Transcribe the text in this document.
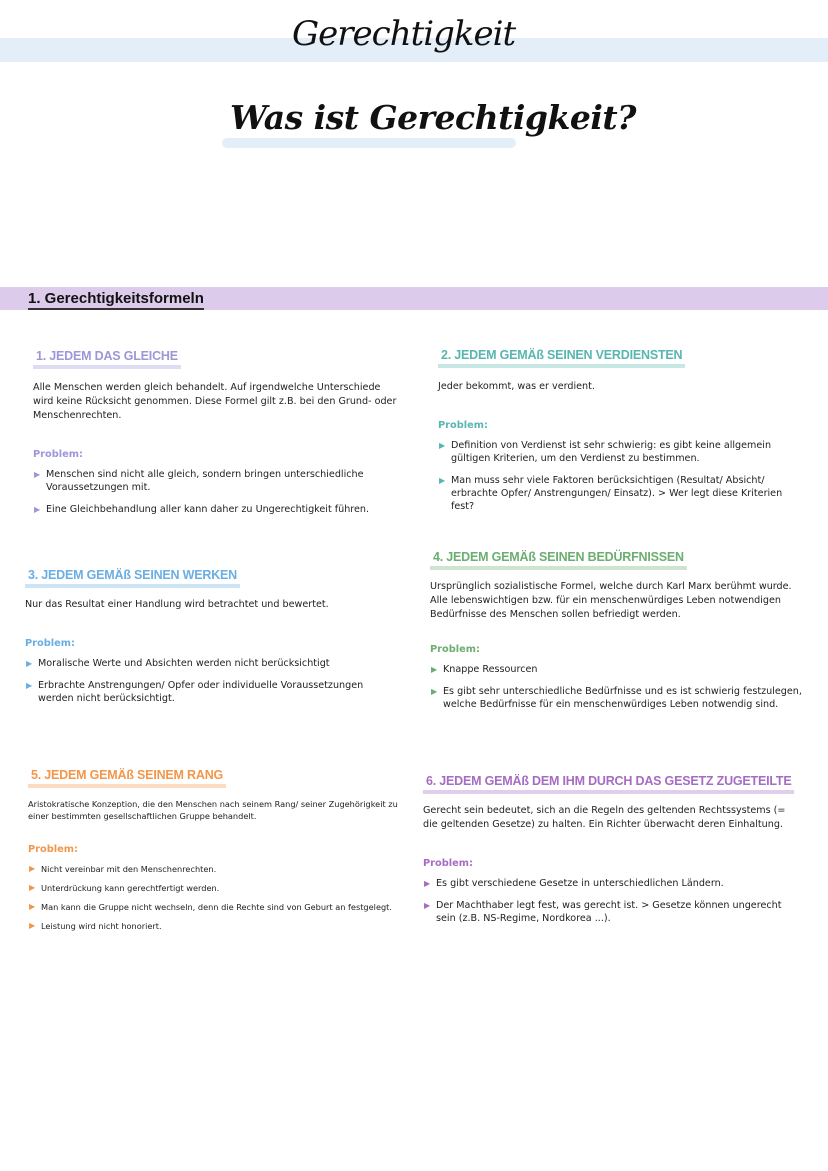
Gerechtigkeit
Was ist Gerechtigkeit?
1. Gerechtigkeitsformeln
1. JEDEM DAS GLEICHE

Alle Menschen werden gleich behandelt. Auf irgendwelche Unterschiede wird keine Rücksicht genommen. Diese Formel gilt z.B. bei den Grund- oder Menschenrechten.

Problem:
▶ Menschen sind nicht alle gleich, sondern bringen unterschiedliche Voraussetzungen mit.
▶ Eine Gleichbehandlung aller kann daher zu Ungerechtigkeit führen.
2. JEDEM GEMÄß SEINEN VERDIENSTEN

Jeder bekommt, was er verdient.

Problem:
▶ Definition von Verdienst ist sehr schwierig: es gibt keine allgemein gültigen Kriterien, um den Verdienst zu bestimmen.
▶ Man muss sehr viele Faktoren berücksichtigen (Resultat/ Absicht/ erbrachte Opfer/ Anstrengungen/ Einsatz). > Wer legt diese Kriterien fest?
3. JEDEM GEMÄß SEINEN WERKEN

Nur das Resultat einer Handlung wird betrachtet und bewertet.

Problem:
▶ Moralische Werte und Absichten werden nicht berücksichtigt
▶ Erbrachte Anstrengungen/ Opfer oder individuelle Voraussetzungen werden nicht berücksichtigt.
4. JEDEM GEMÄß SEINEN BEDÜRFNISSEN

Ursprünglich sozialistische Formel, welche durch Karl Marx berühmt wurde. Alle lebenswichtigen bzw. für ein menschenwürdiges Leben notwendigen Bedürfnisse des Menschen sollen befriedigt werden.

Problem:
▶ Knappe Ressourcen
▶ Es gibt sehr unterschiedliche Bedürfnisse und es ist schwierig festzulegen, welche Bedürfnisse für ein menschenwürdiges Leben notwendig sind.
5. JEDEM GEMÄß SEINEM RANG

Aristokratische Konzeption, die den Menschen nach seinem Rang/ seiner Zugehörigkeit zu einer bestimmten gesellschaftlichen Gruppe behandelt.

Problem:
▶ Nicht vereinbar mit den Menschenrechten.
▶ Unterdrückung kann gerechtfertigt werden.
▶ Man kann die Gruppe nicht wechseln, denn die Rechte sind von Geburt an festgelegt.
▶ Leistung wird nicht honoriert.
6. JEDEM GEMÄß DEM IHM DURCH DAS GESETZ ZUGETEILTE

Gerecht sein bedeutet, sich an die Regeln des geltenden Rechtssystems (= die geltenden Gesetze) zu halten. Ein Richter überwacht deren Einhaltung.

Problem:
▶ Es gibt verschiedene Gesetze in unterschiedlichen Ländern.
▶ Der Machthaber legt fest, was gerecht ist. > Gesetze können ungerecht sein (z.B. NS-Regime, Nordkorea ...).
